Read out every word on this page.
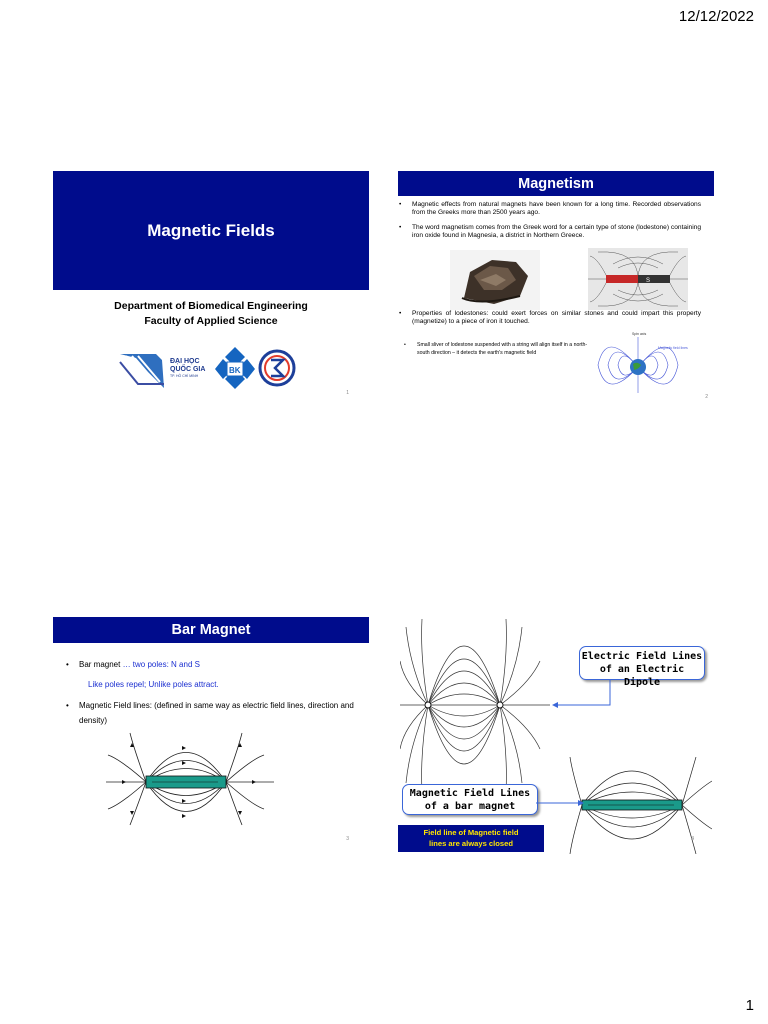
12/12/2022
Magnetic Fields
Department of Biomedical Engineering
Faculty of Applied Science
ĐẠI HỌC
QUỐC GIA
TP. HỒ CHÍ MINH
BK
1
Magnetism
• Magnetic effects from natural magnets have been known for a long time. Recorded observations from the Greeks more than 2500 years ago.
• The word magnetism comes from the Greek word for a certain type of stone (lodestone) containing iron oxide found in Magnesia, a district in Northern Greece.
S
• Properties of lodestones: could exert forces on similar stones and could impart this property (magnetize) to a piece of iron it touched.
• Small sliver of lodestone suspended with a string will align itself in a north-south direction – it detects the earth's magnetic field
Spin axis
Magnetic field lines
2
Bar Magnet
• Bar magnet … two poles: N and S
Like poles repel; Unlike poles attract.
• Magnetic Field lines: (defined in same way as electric field lines, direction and density)
3
Electric Field Lines
of an Electric Dipole
Magnetic Field Lines
of a bar magnet
Field line of Magnetic field
lines are always closed	4
1
